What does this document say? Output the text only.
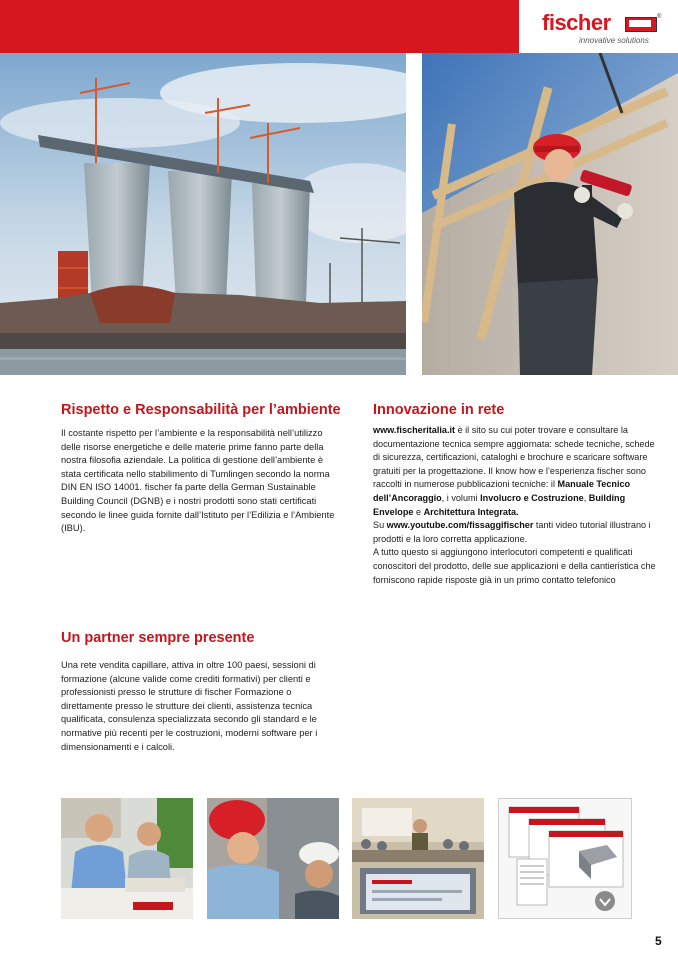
fischer	®
innovative solutions
Rispetto e Responsabilità per l’ambiente

Il costante rispetto per l’ambiente e la responsabilità nell’utilizzo delle risorse energetiche e delle materie prime fanno parte della nostra filosofia aziendale. La politica di gestione dell’ambiente è stata certificata nello stabilimento di Tumlingen secondo la norma DIN EN ISO 14001. fischer fa parte della German Sustainable Building Council (DGNB) e i nostri prodotti sono stati certificati secondo le linee guida fornite dall’Istituto per l’Edilizia e l’Ambiente (IBU).

Un partner sempre presente

Una rete vendita capillare, attiva in oltre 100 paesi, sessioni di formazione (alcune valide come crediti formativi) per clienti e professionisti presso le strutture di fischer Formazione o direttamente presso le strutture dei clienti, assistenza tecnica qualificata, consulenza specializzata secondo gli standard e le normative più recenti per le costruzioni, moderni software per i dimensionamenti e i calcoli.

Innovazione in rete

www.fischeritalia.it è il sito su cui poter trovare e consultare la documentazione tecnica sempre aggiornata: schede tecniche, schede di sicurezza, certificazioni, cataloghi e brochure e scaricare software gratuiti per la progettazione. Il know how e l’esperienza fischer sono raccolti in numerose pubblicazioni tecniche: il Manuale Tecnico dell’Ancoraggio, i volumi Involucro e Costruzione, Building Envelope e Architettura Integrata.
Su www.youtube.com/fissaggifischer tanti video tutorial illustrano i prodotti e la loro corretta applicazione.
A tutto questo si aggiungono interlocutori competenti e qualificati conoscitori del prodotto, delle sue applicazioni e della cantieristica che forniscono rapide risposte già in un primo contatto telefonico

5
